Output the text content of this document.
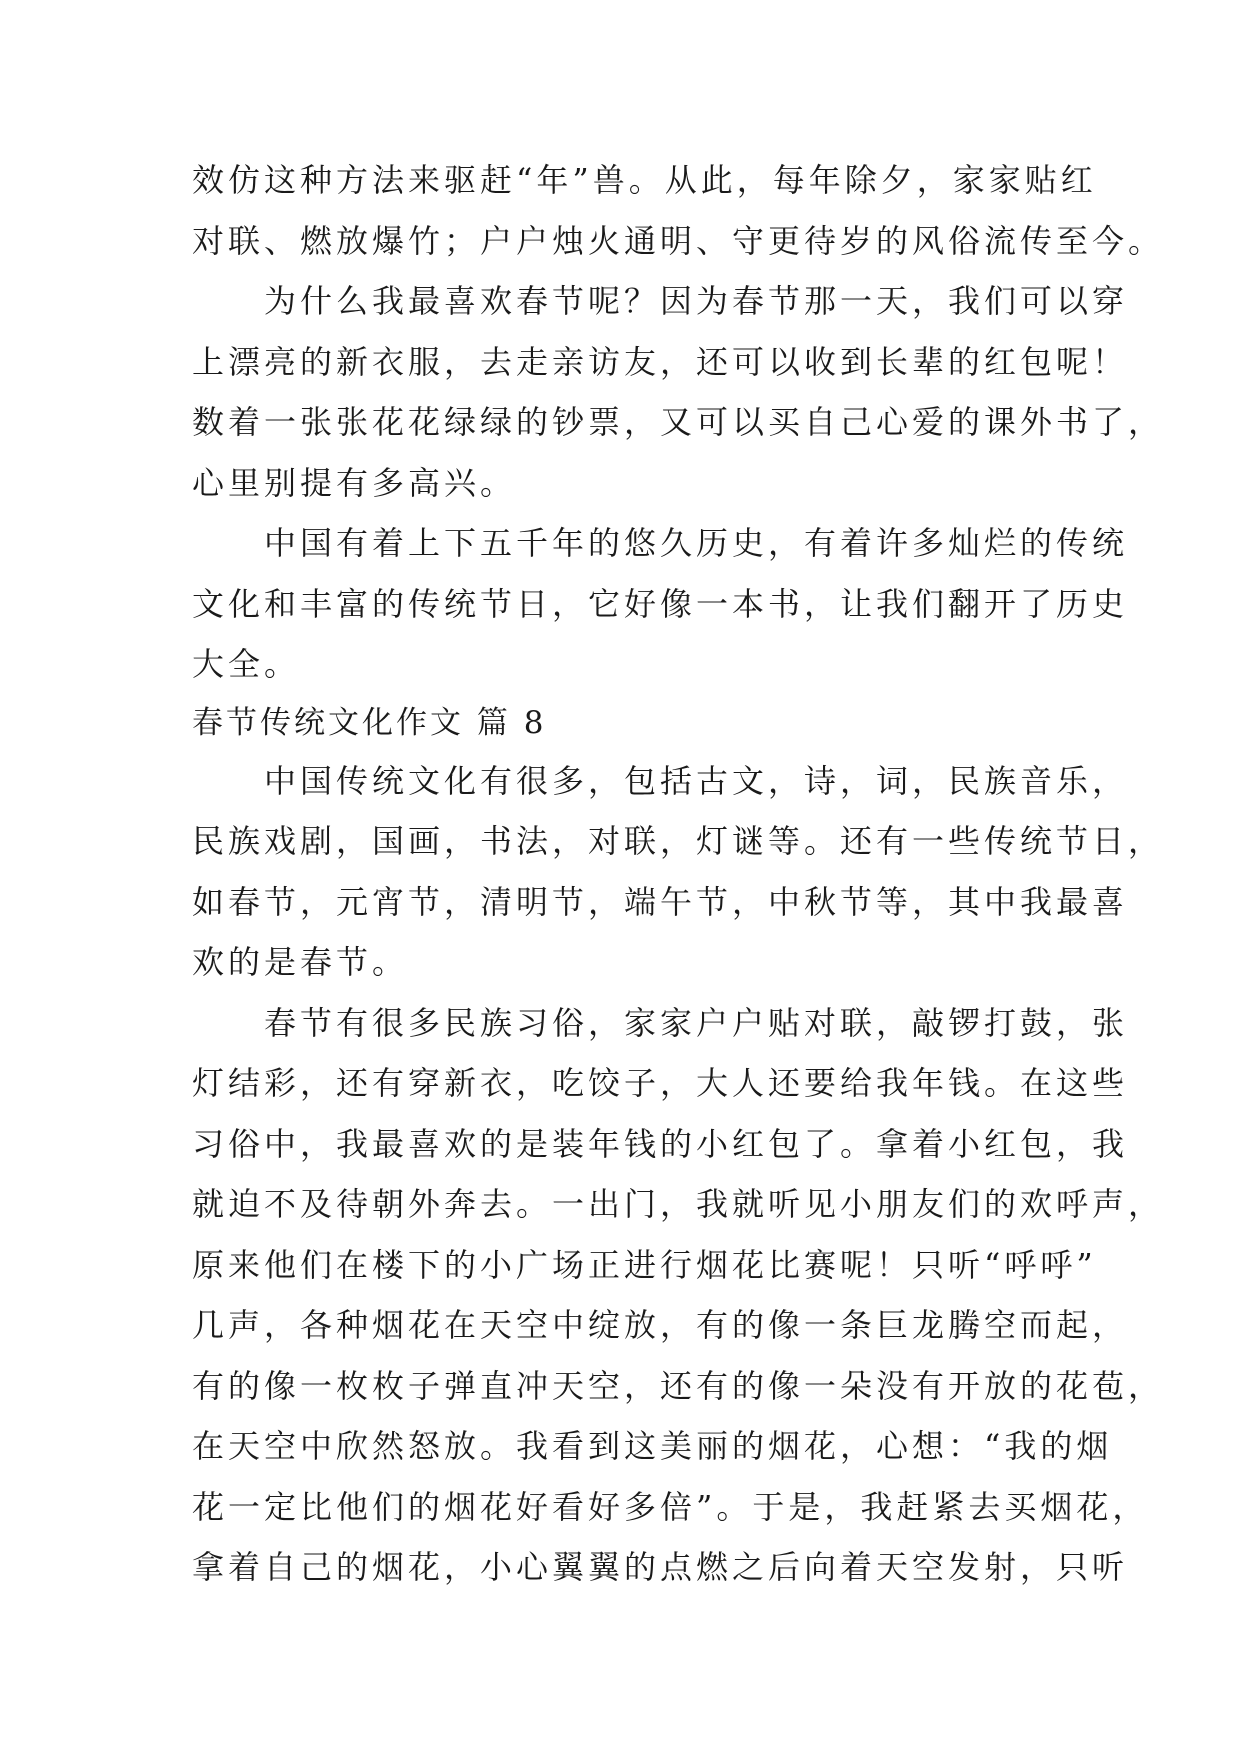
效仿这种方法来驱赶“年”兽。从此，每年除夕，家家贴红
对联、燃放爆竹；户户烛火通明、守更待岁的风俗流传至今。
　　为什么我最喜欢春节呢？因为春节那一天，我们可以穿
上漂亮的新衣服，去走亲访友，还可以收到长辈的红包呢！
数着一张张花花绿绿的钞票，又可以买自己心爱的课外书了，
心里别提有多高兴。
　　中国有着上下五千年的悠久历史，有着许多灿烂的传统
文化和丰富的传统节日，它好像一本书，让我们翻开了历史
大全。
春节传统文化作文 篇 8
　　中国传统文化有很多，包括古文，诗，词，民族音乐，
民族戏剧，国画，书法，对联，灯谜等。还有一些传统节日，
如春节，元宵节，清明节，端午节，中秋节等，其中我最喜
欢的是春节。
　　春节有很多民族习俗，家家户户贴对联，敲锣打鼓，张
灯结彩，还有穿新衣，吃饺子，大人还要给我年钱。在这些
习俗中，我最喜欢的是装年钱的小红包了。拿着小红包，我
就迫不及待朝外奔去。一出门，我就听见小朋友们的欢呼声，
原来他们在楼下的小广场正进行烟花比赛呢！只听“呼呼”
几声，各种烟花在天空中绽放，有的像一条巨龙腾空而起，
有的像一枚枚子弹直冲天空，还有的像一朵没有开放的花苞，
在天空中欣然怒放。我看到这美丽的烟花，心想：“我的烟
花一定比他们的烟花好看好多倍”。于是，我赶紧去买烟花，
拿着自己的烟花，小心翼翼的点燃之后向着天空发射，只听
